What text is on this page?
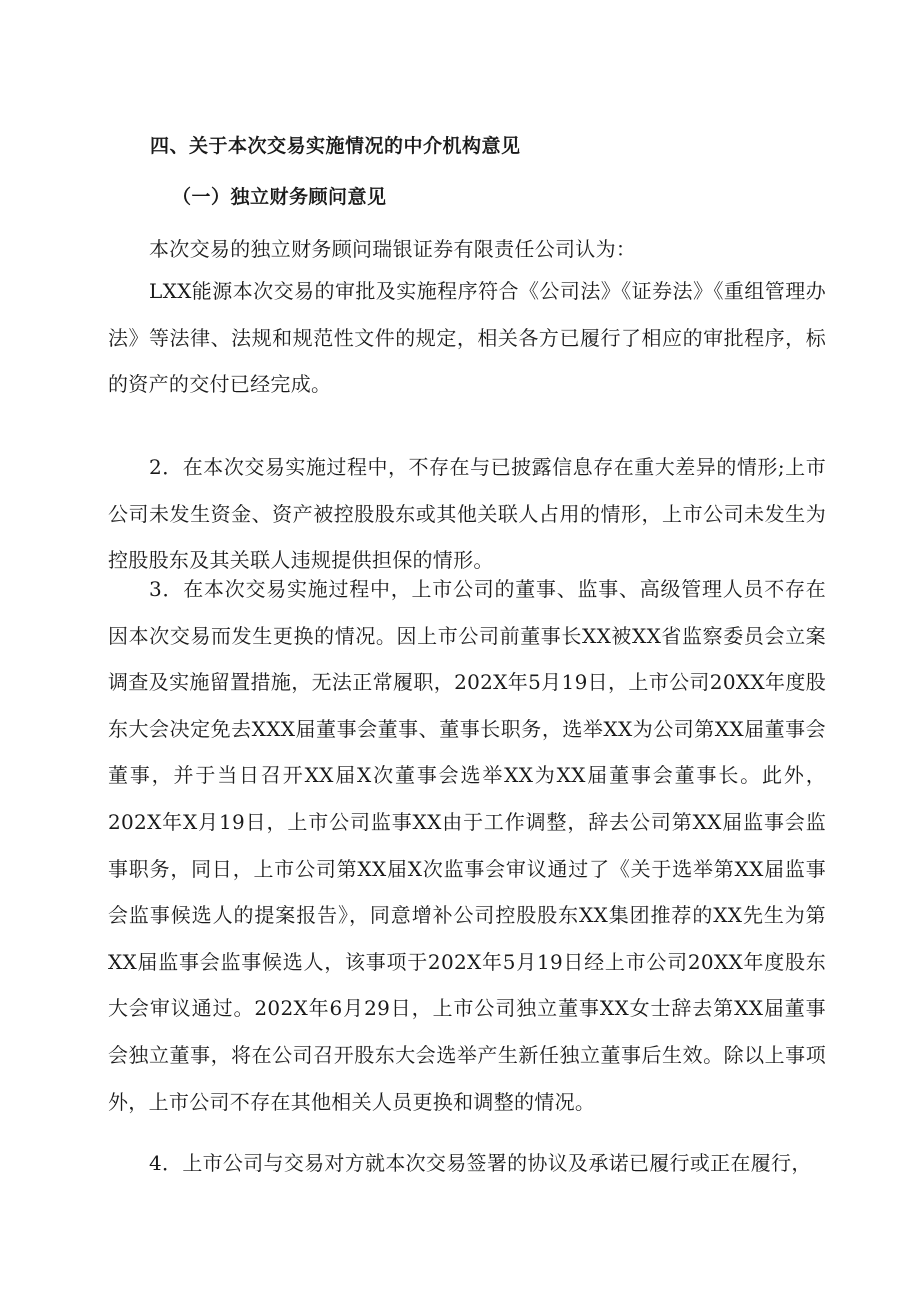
四、关于本次交易实施情况的中介机构意见
（一）独立财务顾问意见

本次交易的独立财务顾问瑞银证券有限责任公司认为：

LXX能源本次交易的审批及实施程序符合《公司法》《证券法》《重组管理办法》等法律、法规和规范性文件的规定，相关各方已履行了相应的审批程序，标的资产的交付已经完成。

2．在本次交易实施过程中，不存在与已披露信息存在重大差异的情形;上市公司未发生资金、资产被控股股东或其他关联人占用的情形，上市公司未发生为控股股东及其关联人违规提供担保的情形。

3．在本次交易实施过程中，上市公司的董事、监事、高级管理人员不存在因本次交易而发生更换的情况。因上市公司前董事长XX被XX省监察委员会立案调查及实施留置措施，无法正常履职，202X年5月19日，上市公司20XX年度股东大会决定免去XXX届董事会董事、董事长职务，选举XX为公司第XX届董事会董事，并于当日召开XX届X次董事会选举XX为XX届董事会董事长。此外，202X年X月19日，上市公司监事XX由于工作调整，辞去公司第XX届监事会监事职务，同日，上市公司第XX届X次监事会审议通过了《关于选举第XX届监事会监事候选人的提案报告》，同意增补公司控股股东XX集团推荐的XX先生为第XX届监事会监事候选人，该事项于202X年5月19日经上市公司20XX年度股东大会审议通过。202X年6月29日，上市公司独立董事XX女士辞去第XX届董事会独立董事，将在公司召开股东大会选举产生新任独立董事后生效。除以上事项外，上市公司不存在其他相关人员更换和调整的情况。

4．上市公司与交易对方就本次交易签署的协议及承诺已履行或正在履行，
